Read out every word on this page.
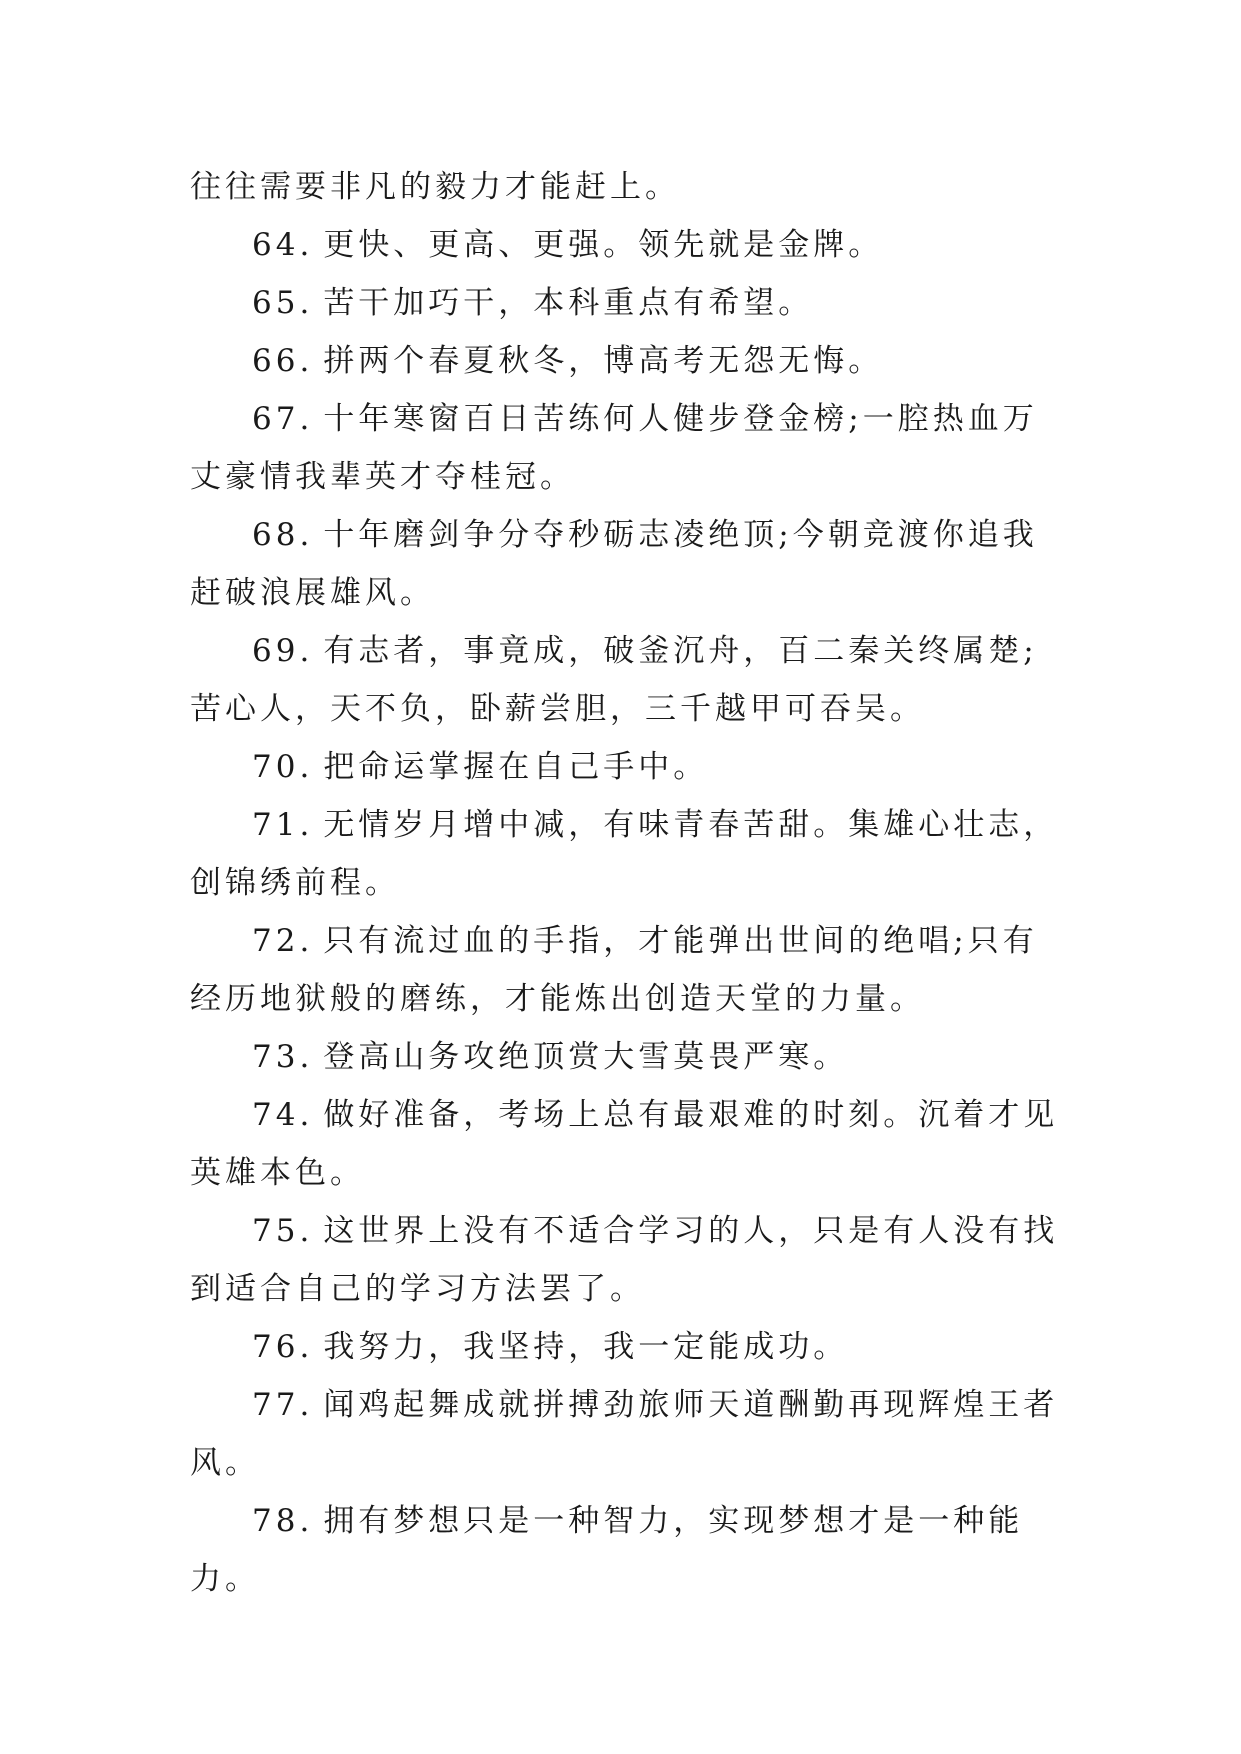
往往需要非凡的毅力才能赶上。

64. 更快、更高、更强。领先就是金牌。

65. 苦干加巧干，本科重点有希望。

66. 拼两个春夏秋冬，博高考无怨无悔。

67. 十年寒窗百日苦练何人健步登金榜;一腔热血万丈豪情我辈英才夺桂冠。

68. 十年磨剑争分夺秒砺志凌绝顶;今朝竞渡你追我赶破浪展雄风。

69. 有志者，事竟成，破釜沉舟，百二秦关终属楚;苦心人，天不负，卧薪尝胆，三千越甲可吞吴。

70. 把命运掌握在自己手中。

71. 无情岁月增中减，有味青春苦甜。集雄心壮志，创锦绣前程。

72. 只有流过血的手指，才能弹出世间的绝唱;只有经历地狱般的磨练，才能炼出创造天堂的力量。

73. 登高山务攻绝顶赏大雪莫畏严寒。

74. 做好准备，考场上总有最艰难的时刻。沉着才见英雄本色。

75. 这世界上没有不适合学习的人，只是有人没有找到适合自己的学习方法罢了。

76. 我努力，我坚持，我一定能成功。

77. 闻鸡起舞成就拼搏劲旅师天道酬勤再现辉煌王者风。

78. 拥有梦想只是一种智力，实现梦想才是一种能力。
